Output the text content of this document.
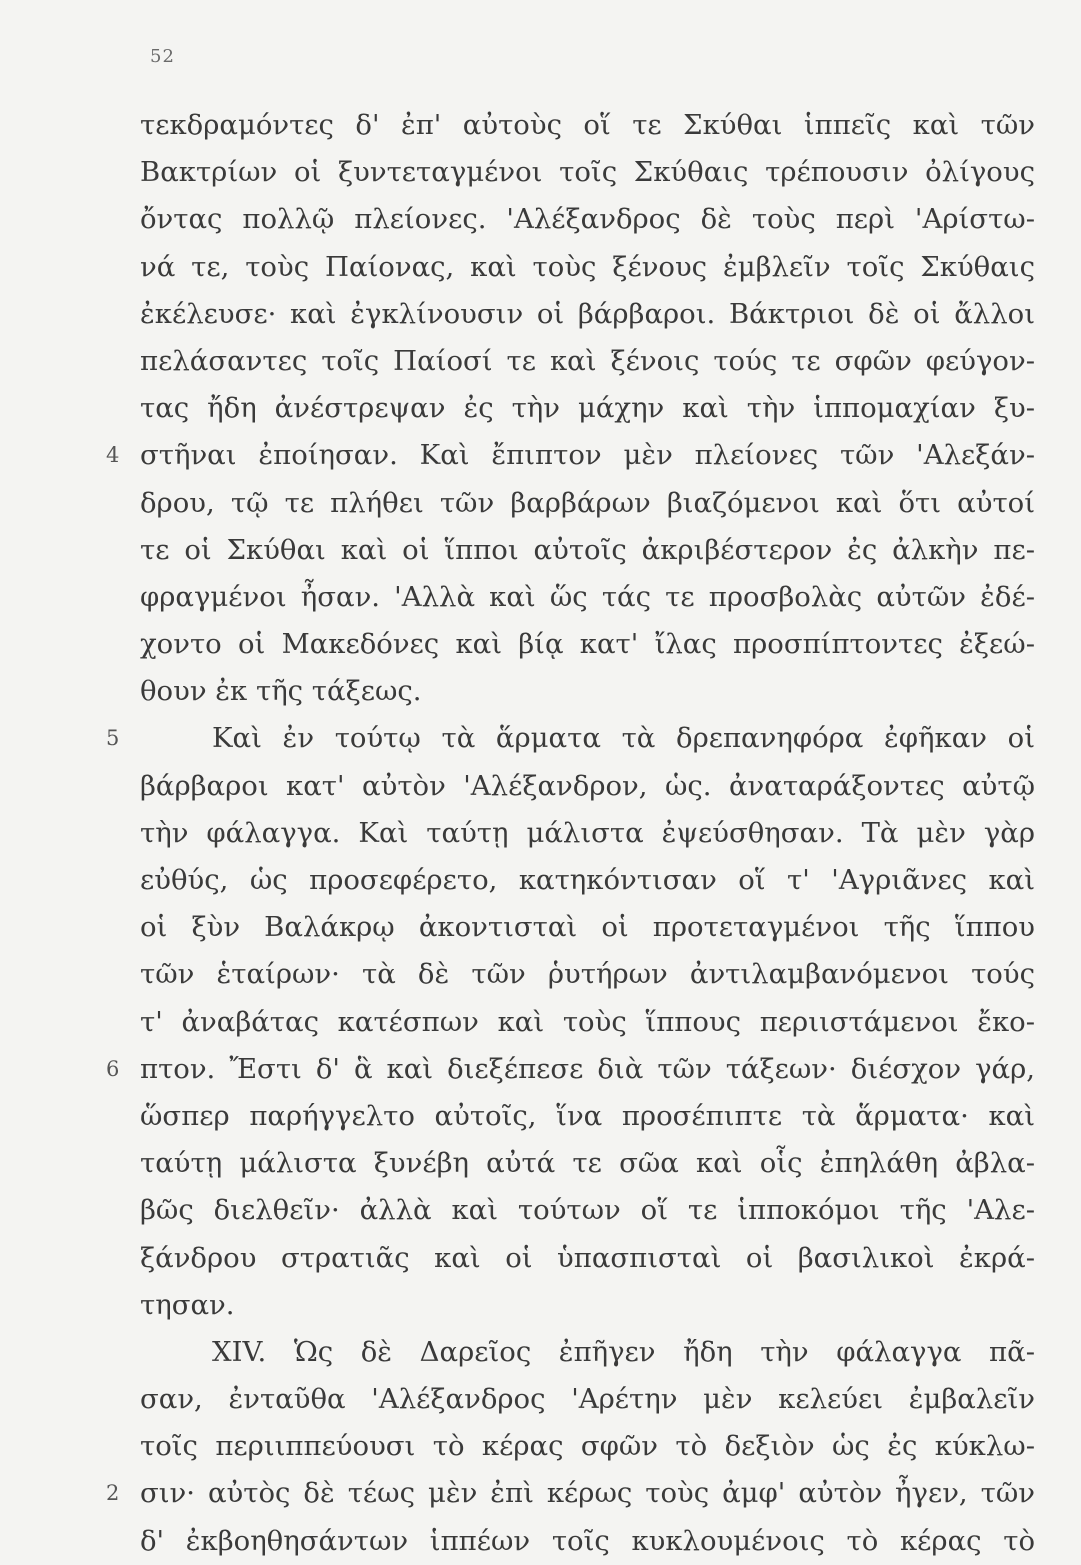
52
τεκδραμόντες δ' ἐπ' αὐτοὺς οἵ τε Σκύθαι ἱππεῖς καὶ τῶν
Βακτρίων οἱ ξυντεταγμένοι τοῖς Σκύθαις τρέπουσιν ὀλίγους
ὄντας πολλῷ πλείονες. 'Αλέξανδρος δὲ τοὺς περὶ 'Αρίστω-
νά τε, τοὺς Παίονας, καὶ τοὺς ξένους ἐμβλεῖν τοῖς Σκύθαις
ἐκέλευσε· καὶ ἐγκλίνουσιν οἱ βάρβαροι. Βάκτριοι δὲ οἱ ἄλλοι
πελάσαντες τοῖς Παίοσί τε καὶ ξένοις τούς τε σφῶν φεύγον-
τας ἤδη ἀνέστρεψαν ἐς τὴν μάχην καὶ τὴν ἱππομαχίαν ξυ-
4 στῆναι ἐποίησαν. Καὶ ἔπιπτον μὲν πλείονες τῶν 'Αλεξάν-
δρου, τῷ τε πλήθει τῶν βαρβάρων βιαζόμενοι καὶ ὅτι αὐτοί
τε οἱ Σκύθαι καὶ οἱ ἵπποι αὐτοῖς ἀκριβέστερον ἐς ἀλκὴν πε-
φραγμένοι ἦσαν. 'Αλλὰ καὶ ὥς τάς τε προσβολὰς αὐτῶν ἐδέ-
χοντο οἱ Μακεδόνες καὶ βίᾳ κατ' ἴλας προσπίπτοντες ἐξεώ-
θουν ἐκ τῆς τάξεως.
5	Καὶ ἐν τούτῳ τὰ ἅρματα τὰ δρεπανηφόρα ἐφῆκαν οἱ
βάρβαροι κατ' αὐτὸν 'Αλέξανδρον, ὡς. ἀναταράξοντες αὐτῷ
τὴν φάλαγγα. Καὶ ταύτῃ μάλιστα ἐψεύσθησαν. Τὰ μὲν γὰρ
εὐθύς, ὡς προσεφέρετο, κατηκόντισαν οἵ τ' 'Αγριᾶνες καὶ
οἱ ξὺν Βαλάκρῳ ἀκοντισταὶ οἱ προτεταγμένοι τῆς ἵππου
τῶν ἑταίρων· τὰ δὲ τῶν ῥυτήρων ἀντιλαμβανόμενοι τούς
τ' ἀναβάτας κατέσπων καὶ τοὺς ἵππους περιιστάμενοι ἔκο-
6 πτον. Ἔστι δ' ἃ καὶ διεξέπεσε διὰ τῶν τάξεων· διέσχον γάρ,
ὥσπερ παρήγγελτο αὐτοῖς, ἵνα προσέπιπτε τὰ ἅρματα· καὶ
ταύτῃ μάλιστα ξυνέβη αὐτά τε σῶα καὶ οἷς ἐπηλάθη ἀβλα-
βῶς διελθεῖν· ἀλλὰ καὶ τούτων οἵ τε ἱπποκόμοι τῆς 'Αλε-
ξάνδρου στρατιᾶς καὶ οἱ ὑπασπισταὶ οἱ βασιλικοὶ ἐκρά-
τησαν.
XIV. Ὡς δὲ Δαρεῖος ἐπῆγεν ἤδη τὴν φάλαγγα πᾶ-
σαν, ἐνταῦθα 'Αλέξανδρος 'Αρέτην μὲν κελεύει ἐμβαλεῖν
τοῖς περιιππεύουσι τὸ κέρας σφῶν τὸ δεξιὸν ὡς ἐς κύκλω-
2 σιν· αὐτὸς δὲ τέως μὲν ἐπὶ κέρως τοὺς ἀμφ' αὐτὸν ἦγεν, τῶν
δ' ἐκβοηθησάντων ἱππέων τοῖς κυκλουμένοις τὸ κέρας τὸ
